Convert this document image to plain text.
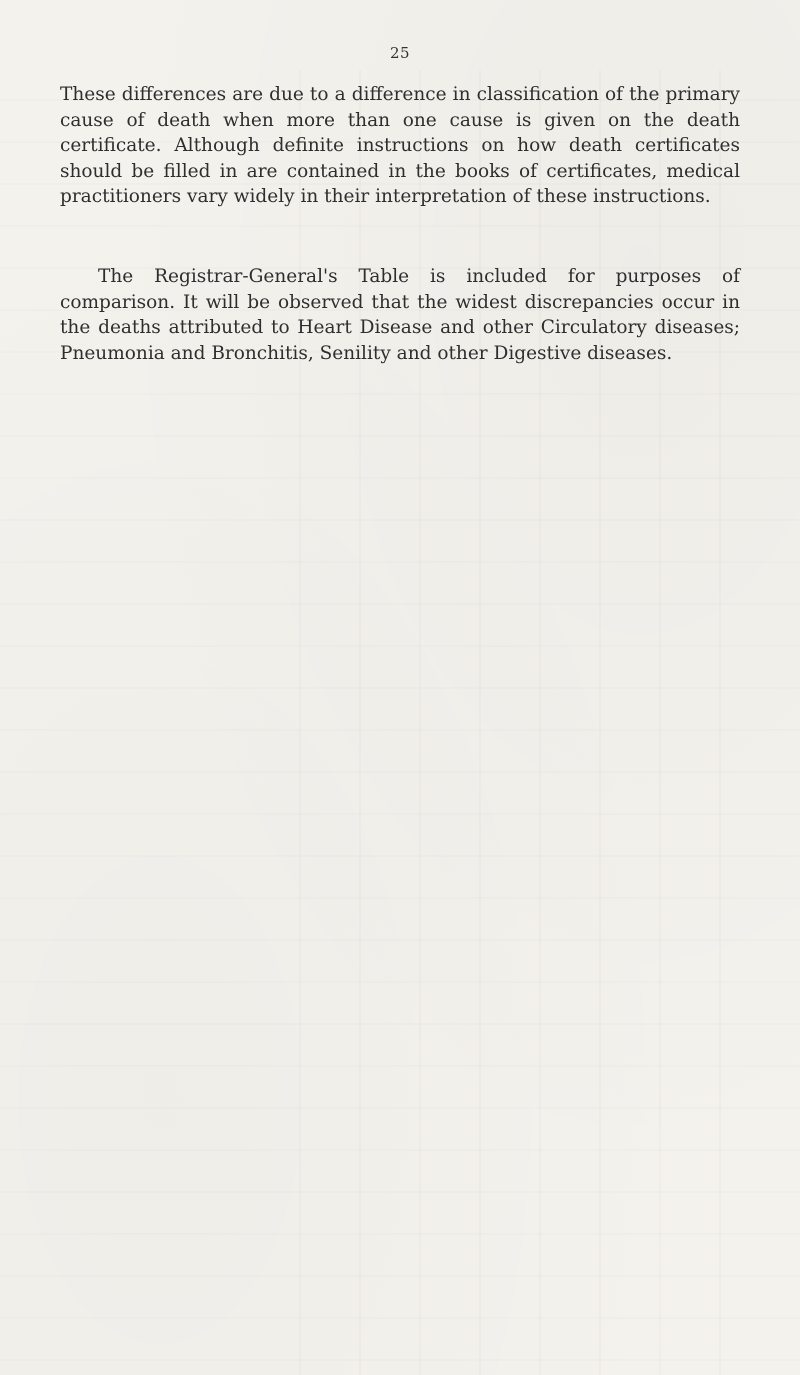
25

These differences are due to a difference in classification of the primary cause of death when more than one cause is given on the death certificate. Although definite instructions on how death certificates should be filled in are contained in the books of certificates, medical practitioners vary widely in their interpretation of these instructions.

The Registrar-General's Table is included for purposes of comparison. It will be observed that the widest discrepancies occur in the deaths attributed to Heart Disease and other Circulatory diseases; Pneumonia and Bronchitis, Senility and other Digestive diseases.
